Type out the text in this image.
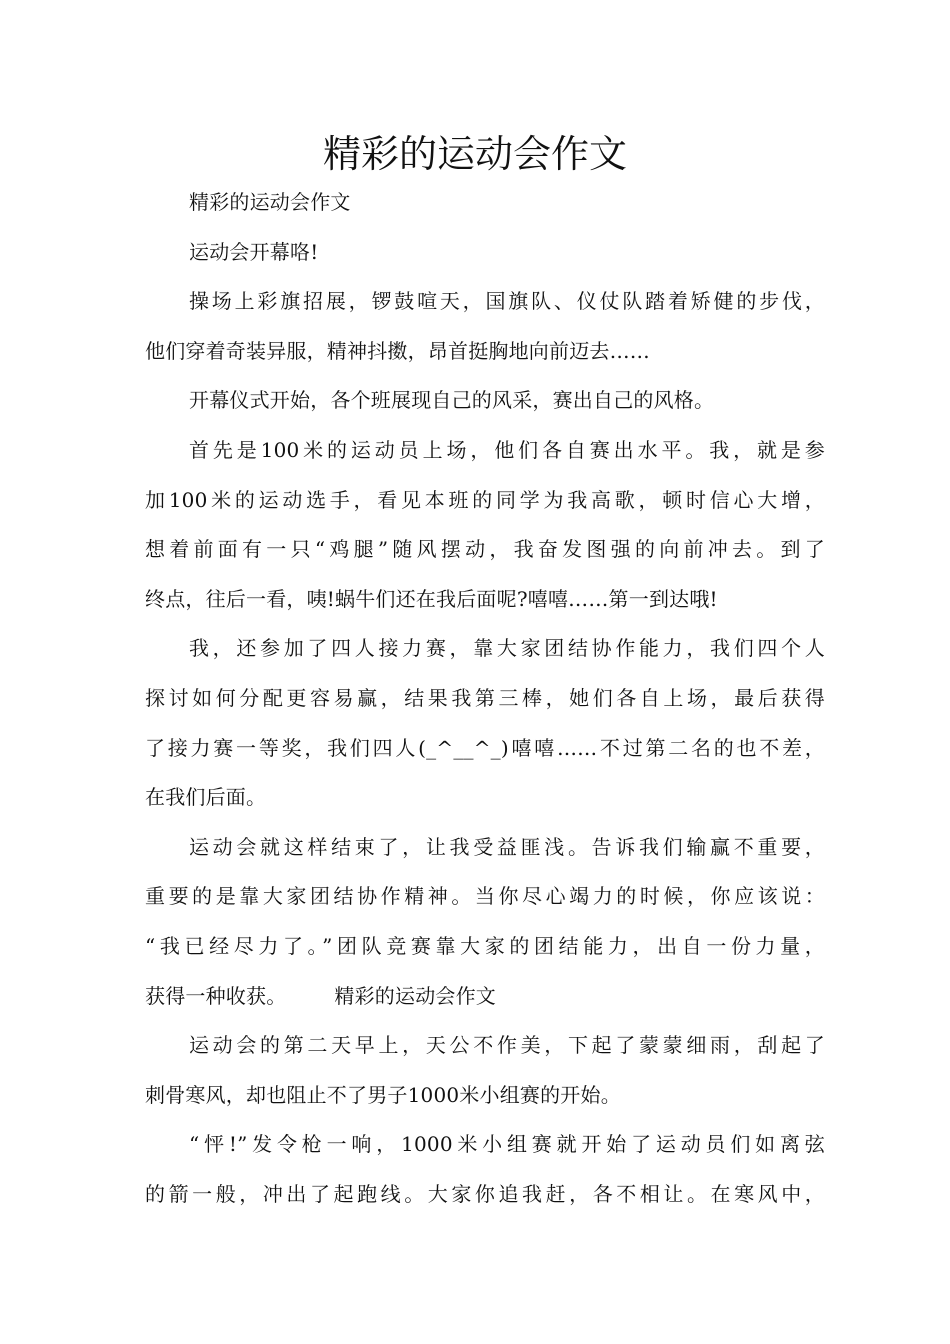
精彩的运动会作文
精彩的运动会作文
运动会开幕咯!
操场上彩旗招展，锣鼓喧天，国旗队、仪仗队踏着矫健的步伐，
他们穿着奇装异服，精神抖擞，昂首挺胸地向前迈去……
开幕仪式开始，各个班展现自己的风采，赛出自己的风格。
首先是100米的运动员上场，他们各自赛出水平。我，就是参
加100米的运动选手，看见本班的同学为我高歌，顿时信心大增，
想着前面有一只“鸡腿”随风摆动，我奋发图强的向前冲去。到了
终点，往后一看，咦!蜗牛们还在我后面呢?嘻嘻……第一到达哦!
我，还参加了四人接力赛，靠大家团结协作能力，我们四个人
探讨如何分配更容易赢，结果我第三棒，她们各自上场，最后获得
了接力赛一等奖，我们四人(_^__^_)嘻嘻……不过第二名的也不差，
在我们后面。
运动会就这样结束了，让我受益匪浅。告诉我们输赢不重要，
重要的是靠大家团结协作精神。当你尽心竭力的时候，你应该说：
“我已经尽力了。”团队竞赛靠大家的团结能力，出自一份力量，
获得一种收获。 精彩的运动会作文
运动会的第二天早上，天公不作美，下起了蒙蒙细雨，刮起了
刺骨寒风，却也阻止不了男子1000米小组赛的开始。
“怦!”发令枪一响，1000米小组赛就开始了运动员们如离弦
的箭一般，冲出了起跑线。大家你追我赶，各不相让。在寒风中，
